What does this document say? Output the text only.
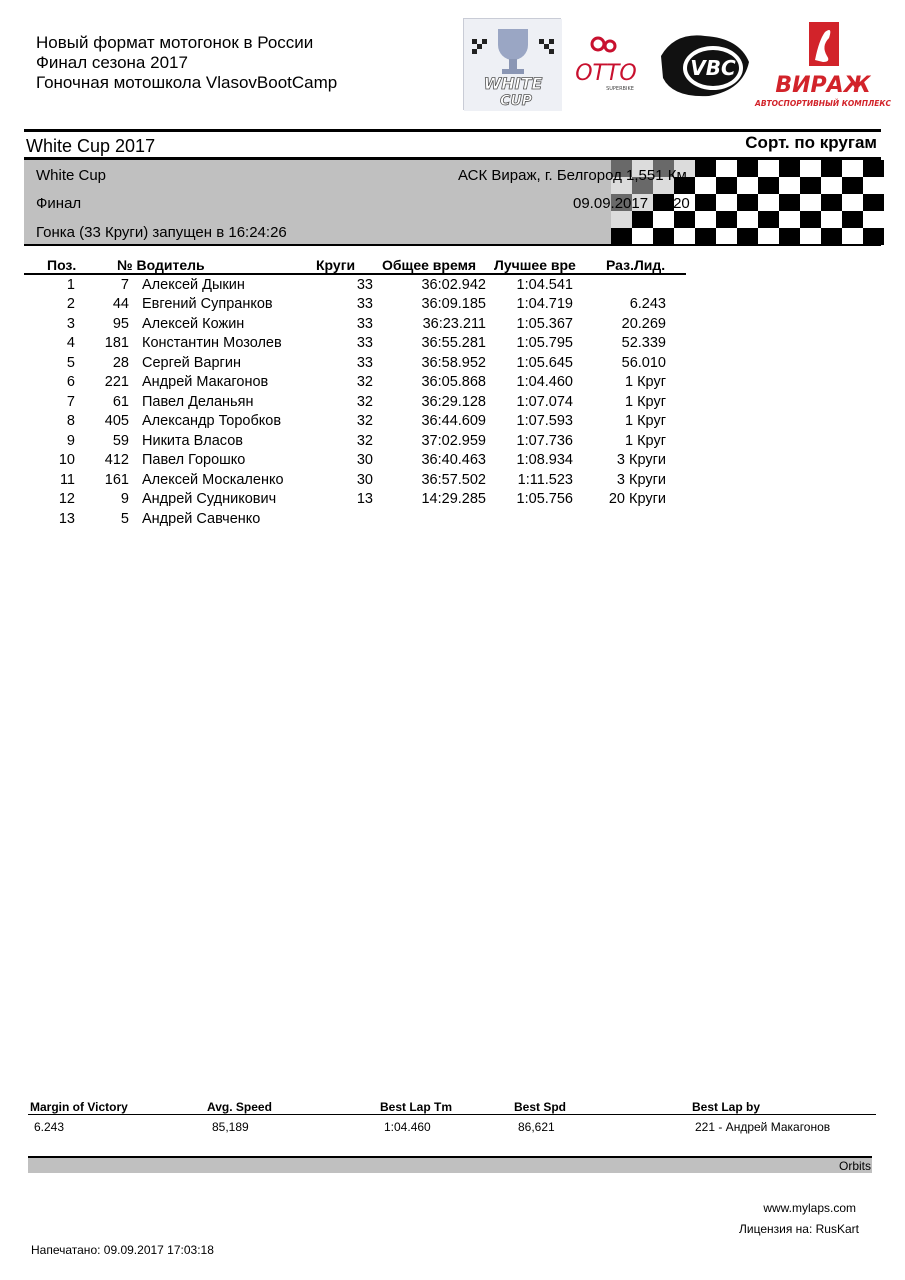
Новый формат мотогонок в России
Финал сезона 2017
Гоночная мотошкола VlasovBootCamp	WHITE
CUP
OTTO
SUPERBIKE
VBC
ВИРАЖ
АВТОСПОРТИВНЫЙ КОМПЛЕКС
White Cup 2017	Сорт. по кругам
White Cup	АСК Вираж, г. Белгород 1,551 Км
Финал	09.09.2017 16:20
Гонка (33 Круги) запущен в 16:24:26
Поз.	№ Водитель	Круги Общее время Лучшее вре Раз.Лид.
1	7 Алексей Дыкин	33	36:02.942 1:04.541
2	44 Евгений Супранков	33	36:09.185 1:04.719	6.243
3	95 Алексей Кожин	33	36:23.211 1:05.367	20.269
4 181 Константин Мозолев	33	36:55.281 1:05.795	52.339
5	28 Сергей Варгин	33	36:58.952 1:05.645	56.010
6 221 Андрей Макагонов	32	36:05.868 1:04.460	1 Круг
7	61 Павел Деланьян	32	36:29.128 1:07.074	1 Круг
8 405 Александр Торобков	32	36:44.609 1:07.593	1 Круг
9	59 Никита Власов	32	37:02.959 1:07.736	1 Круг
10 412 Павел Горошко	30	36:40.463 1:08.934	3 Круги
11 161 Алексей Москаленко	30	36:57.502 1:11.523	3 Круги
12	9 Андрей Судникович	13	14:29.285 1:05.756 20 Круги
13	5 Андрей Савченко
Margin of Victory	Avg. Speed	Best Lap Tm	Best Spd	Best Lap by
6.243	85,189	1:04.460	86,621	221 - Андрей Макагонов
Orbits
www.mylaps.com
Лицензия на: RusKart
Напечатано: 09.09.2017 17:03:18
